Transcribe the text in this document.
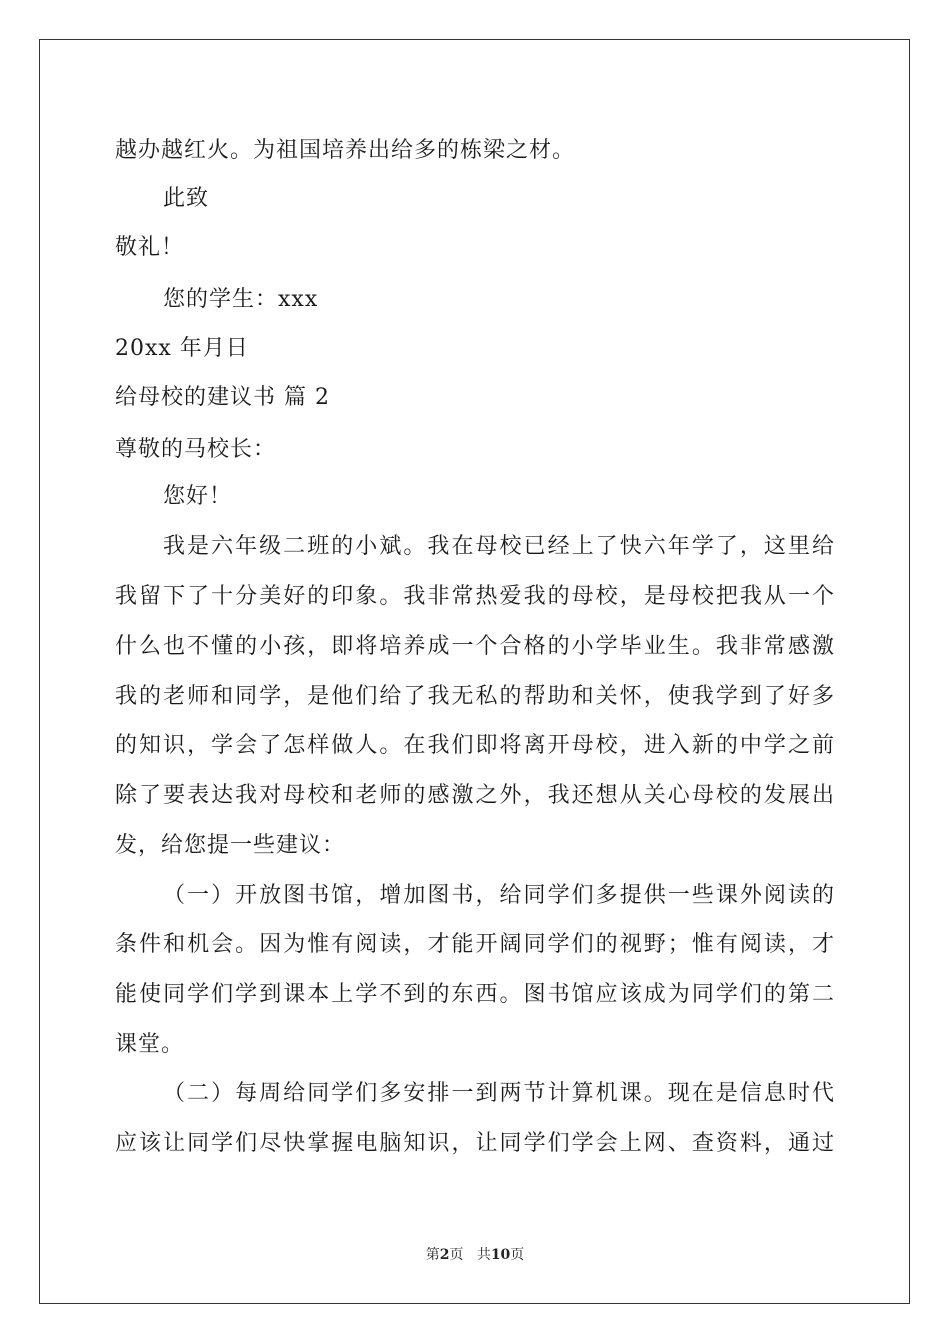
越办越红火。为祖国培养出给多的栋梁之材。
此致
敬礼！
您的学生：xxx
20xx 年月日
给母校的建议书 篇 2
尊敬的马校长：
您好！
我是六年级二班的小斌。我在母校已经上了快六年学了，这里给
我留下了十分美好的印象。我非常热爱我的母校，是母校把我从一个
什么也不懂的小孩，即将培养成一个合格的小学毕业生。我非常感激
我的老师和同学，是他们给了我无私的帮助和关怀，使我学到了好多
的知识，学会了怎样做人。在我们即将离开母校，进入新的中学之前
除了要表达我对母校和老师的感激之外，我还想从关心母校的发展出
发，给您提一些建议：
（一）开放图书馆，增加图书，给同学们多提供一些课外阅读的
条件和机会。因为惟有阅读，才能开阔同学们的视野；惟有阅读，才
能使同学们学到课本上学不到的东西。图书馆应该成为同学们的第二
课堂。
（二）每周给同学们多安排一到两节计算机课。现在是信息时代
应该让同学们尽快掌握电脑知识，让同学们学会上网、查资料，通过
第2页 共10页
